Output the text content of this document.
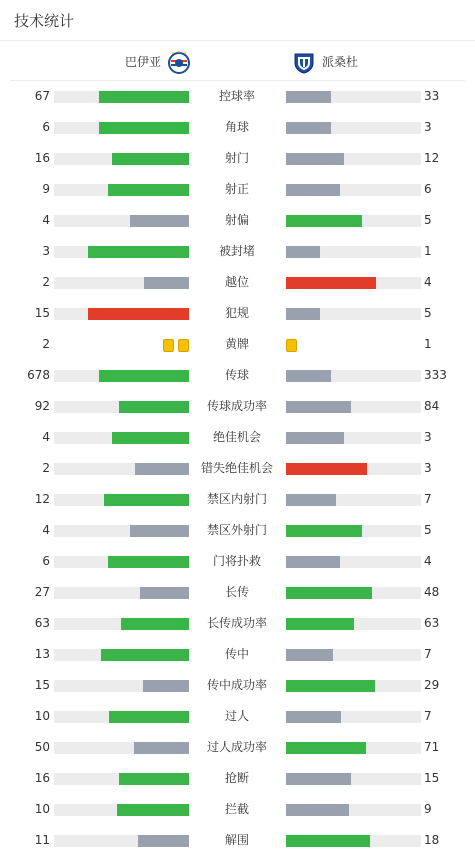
技术统计
巴伊亚	派桑杜
67	控球率	33
6	角球	3
16	射门	12
9	射正	6
4	射偏	5
3	被封堵	1
2	越位	4
15	犯规	5
2	黄牌	1
678	传球	333
92	传球成功率	84
4	绝佳机会	3
2	错失绝佳机会	3
12	禁区内射门	7
4	禁区外射门	5
6	门将扑救	4
27	长传	48
63	长传成功率	63
13	传中	7
15	传中成功率	29
10	过人	7
50	过人成功率	71
16	抢断	15
10	拦截	9
11	解围	18
